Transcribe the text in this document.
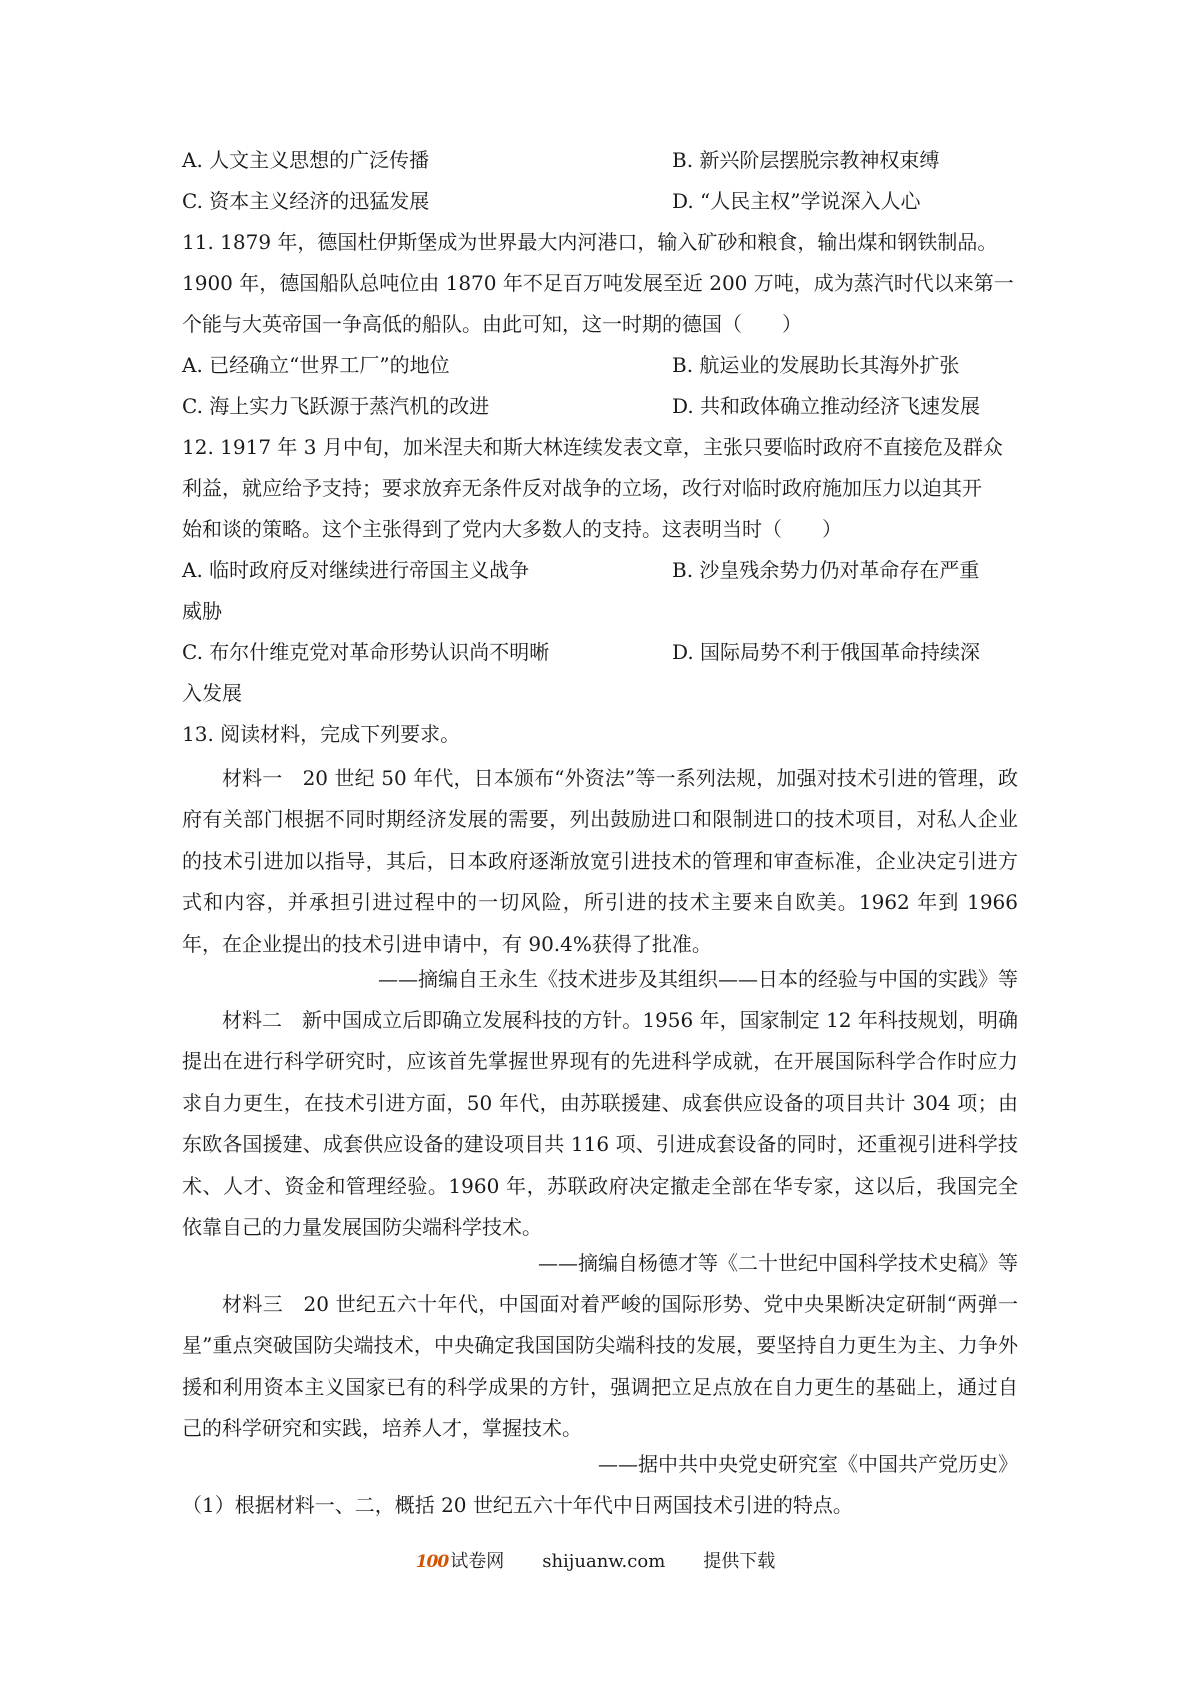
A. 人文主义思想的广泛传播	B. 新兴阶层摆脱宗教神权束缚
C. 资本主义经济的迅猛发展	D. “人民主权”学说深入人心
11. 1879 年，德国杜伊斯堡成为世界最大内河港口，输入矿砂和粮食，输出煤和钢铁制品。
1900 年，德国船队总吨位由 1870 年不足百万吨发展至近 200 万吨，成为蒸汽时代以来第一
个能与大英帝国一争高低的船队。由此可知，这一时期的德国（　　）
A. 已经确立“世界工厂”的地位	B. 航运业的发展助长其海外扩张
C. 海上实力飞跃源于蒸汽机的改进	D. 共和政体确立推动经济飞速发展
12. 1917 年 3 月中旬，加米涅夫和斯大林连续发表文章，主张只要临时政府不直接危及群众
利益，就应给予支持；要求放弃无条件反对战争的立场，改行对临时政府施加压力以迫其开
始和谈的策略。这个主张得到了党内大多数人的支持。这表明当时（　　）
A. 临时政府反对继续进行帝国主义战争	B. 沙皇残余势力仍对革命存在严重
威胁
C. 布尔什维克党对革命形势认识尚不明晰	D. 国际局势不利于俄国革命持续深
入发展
13. 阅读材料，完成下列要求。
材料一　20 世纪 50 年代，日本颁布“外资法”等一系列法规，加强对技术引进的管理，政府有关部门根据不同时期经济发展的需要，列出鼓励进口和限制进口的技术项目，对私人企业的技术引进加以指导，其后，日本政府逐渐放宽引进技术的管理和审查标准，企业决定引进方式和内容，并承担引进过程中的一切风险，所引进的技术主要来自欧美。1962 年到 1966 年，在企业提出的技术引进申请中，有 90.4%获得了批准。
——摘编自王永生《技术进步及其组织——日本的经验与中国的实践》等
材料二　新中国成立后即确立发展科技的方针。1956 年，国家制定 12 年科技规划，明确提出在进行科学研究时，应该首先掌握世界现有的先进科学成就，在开展国际科学合作时应力求自力更生，在技术引进方面，50 年代，由苏联援建、成套供应设备的项目共计 304 项；由东欧各国援建、成套供应设备的建设项目共 116 项、引进成套设备的同时，还重视引进科学技术、人才、资金和管理经验。1960 年，苏联政府决定撤走全部在华专家，这以后，我国完全依靠自己的力量发展国防尖端科学技术。
——摘编自杨德才等《二十世纪中国科学技术史稿》等
材料三　20 世纪五六十年代，中国面对着严峻的国际形势、党中央果断决定研制“两弹一星”重点突破国防尖端技术，中央确定我国国防尖端科技的发展，要坚持自力更生为主、力争外援和利用资本主义国家已有的科学成果的方针，强调把立足点放在自力更生的基础上，通过自己的科学研究和实践，培养人才，掌握技术。
——据中共中央党史研究室《中国共产党历史》
（1）根据材料一、二，概括 20 世纪五六十年代中日两国技术引进的特点。
100 试卷网 shijuanw.com 提供下载
